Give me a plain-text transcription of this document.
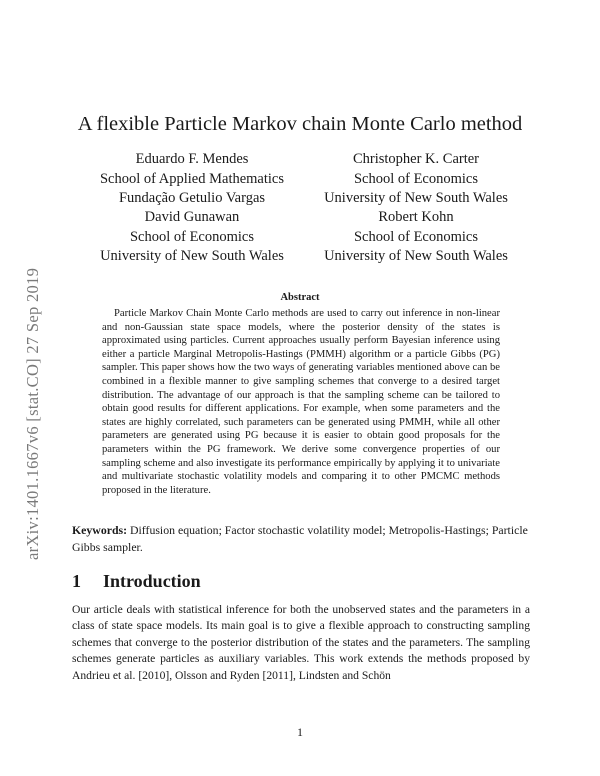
arXiv:1401.1667v6 [stat.CO] 27 Sep 2019
A flexible Particle Markov chain Monte Carlo method
Eduardo F. Mendes
School of Applied Mathematics
Fundação Getulio Vargas
Christopher K. Carter
School of Economics
University of New South Wales
David Gunawan
School of Economics
University of New South Wales
Robert Kohn
School of Economics
University of New South Wales
Abstract
Particle Markov Chain Monte Carlo methods are used to carry out inference in non-linear and non-Gaussian state space models, where the posterior density of the states is approximated using particles. Current approaches usually perform Bayesian inference using either a particle Marginal Metropolis-Hastings (PMMH) algorithm or a particle Gibbs (PG) sampler. This paper shows how the two ways of generating variables mentioned above can be combined in a flexible manner to give sampling schemes that converge to a desired target distribution. The advantage of our approach is that the sampling scheme can be tailored to obtain good results for different applications. For example, when some parameters and the states are highly correlated, such parameters can be generated using PMMH, while all other parameters are generated using PG because it is easier to obtain good proposals for the parameters within the PG framework. We derive some convergence properties of our sampling scheme and also investigate its performance empirically by applying it to univariate and multivariate stochastic volatility models and comparing it to other PMCMC methods proposed in the literature.
Keywords: Diffusion equation; Factor stochastic volatility model; Metropolis-Hastings; Particle Gibbs sampler.
1 Introduction
Our article deals with statistical inference for both the unobserved states and the parameters in a class of state space models. Its main goal is to give a flexible approach to constructing sampling schemes that converge to the posterior distribution of the states and the parameters. The sampling schemes generate particles as auxiliary variables. This work extends the methods proposed by Andrieu et al. [2010], Olsson and Ryden [2011], Lindsten and Schön
1
